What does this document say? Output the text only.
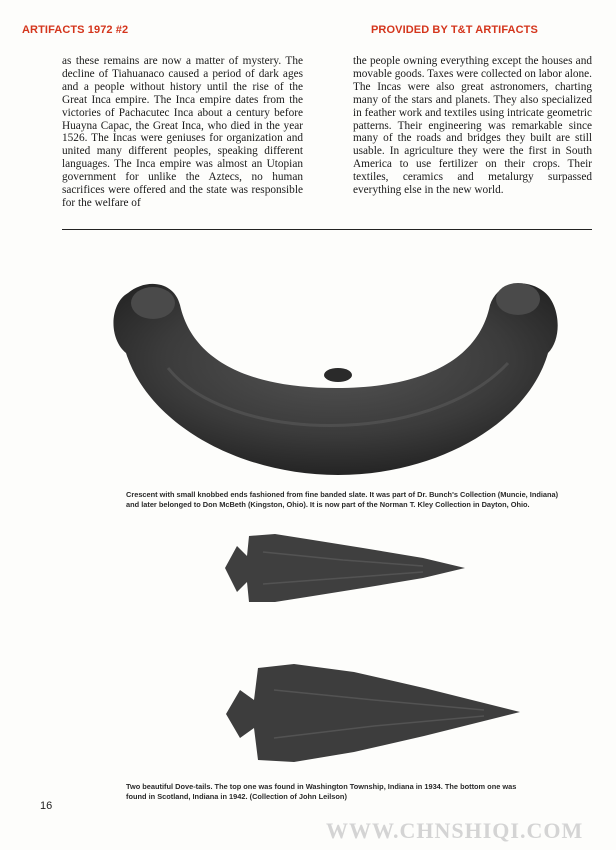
ARTIFACTS 1972 #2	PROVIDED BY T&T ARTIFACTS

as these remains are now a matter of mystery. The decline of Tiahuanaco caused a period of dark ages and a people without history until the rise of the Great Inca empire. The Inca empire dates from the victories of Pachacutec Inca about a century before Huayna Capac, the Great Inca, who died in the year 1526. The Incas were geniuses for organization and united many different peoples, speaking different languages. The Inca empire was almost an Utopian government for unlike the Aztecs, no human sacrifices were offered and the state was responsible for the welfare of

the people owning everything except the houses and movable goods. Taxes were collected on labor alone. The Incas were also great astronomers, charting many of the stars and planets. They also specialized in feather work and textiles using intricate geometric patterns. Their engineering was remarkable since many of the roads and bridges they built are still usable. In agriculture they were the first in South America to use fertilizer on their crops. Their textiles, ceramics and metalurgy surpassed everything else in the new world.

Crescent with small knobbed ends fashioned from fine banded slate. It was part of Dr. Bunch's Collection (Muncie, Indiana) and later belonged to Don McBeth (Kingston, Ohio). It is now part of the Norman T. Kley Collection in Dayton, Ohio.
Two beautiful Dove-tails. The top one was found in Washington Township, Indiana in 1934. The bottom one was found in Scotland, Indiana in 1942. (Collection of John Leilson)
16
WWW.CHNSHIQI.COM
